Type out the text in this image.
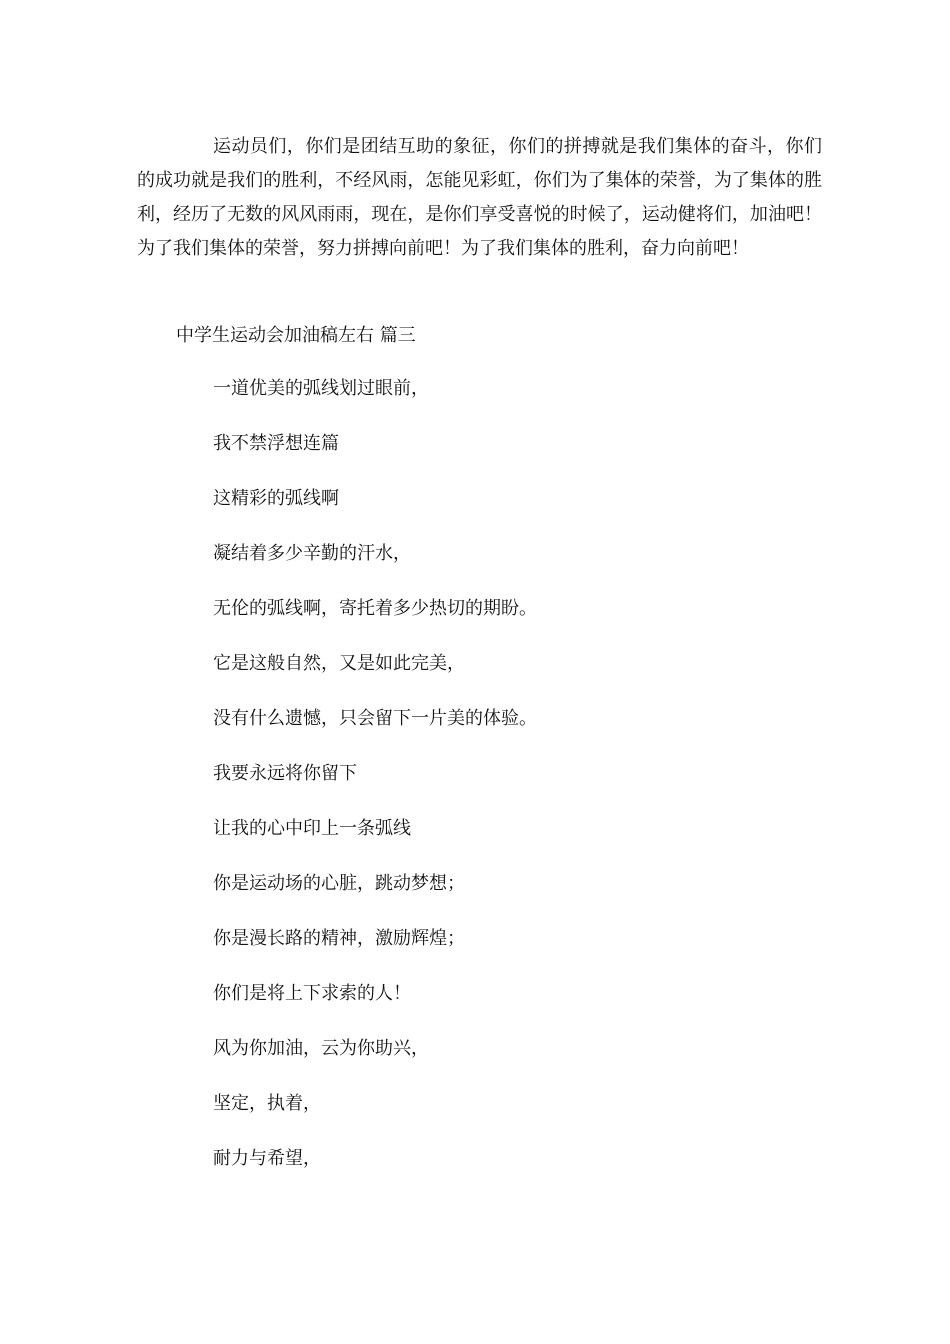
运动员们，你们是团结互助的象征，你们的拼搏就是我们集体的奋斗，你们的成功就是我们的胜利，不经风雨，怎能见彩虹，你们为了集体的荣誉，为了集体的胜利，经历了无数的风风雨雨，现在，是你们享受喜悦的时候了，运动健将们，加油吧！为了我们集体的荣誉，努力拼搏向前吧！为了我们集体的胜利，奋力向前吧！

中学生运动会加油稿左右 篇三

一道优美的弧线划过眼前，
我不禁浮想连篇
这精彩的弧线啊
凝结着多少辛勤的汗水，
无伦的弧线啊，寄托着多少热切的期盼。
它是这般自然，又是如此完美，
没有什么遗憾，只会留下一片美的体验。
我要永远将你留下
让我的心中印上一条弧线
你是运动场的心脏，跳动梦想；
你是漫长路的精神，激励辉煌；
你们是将上下求索的人！
风为你加油，云为你助兴，
坚定，执着，
耐力与希望，
